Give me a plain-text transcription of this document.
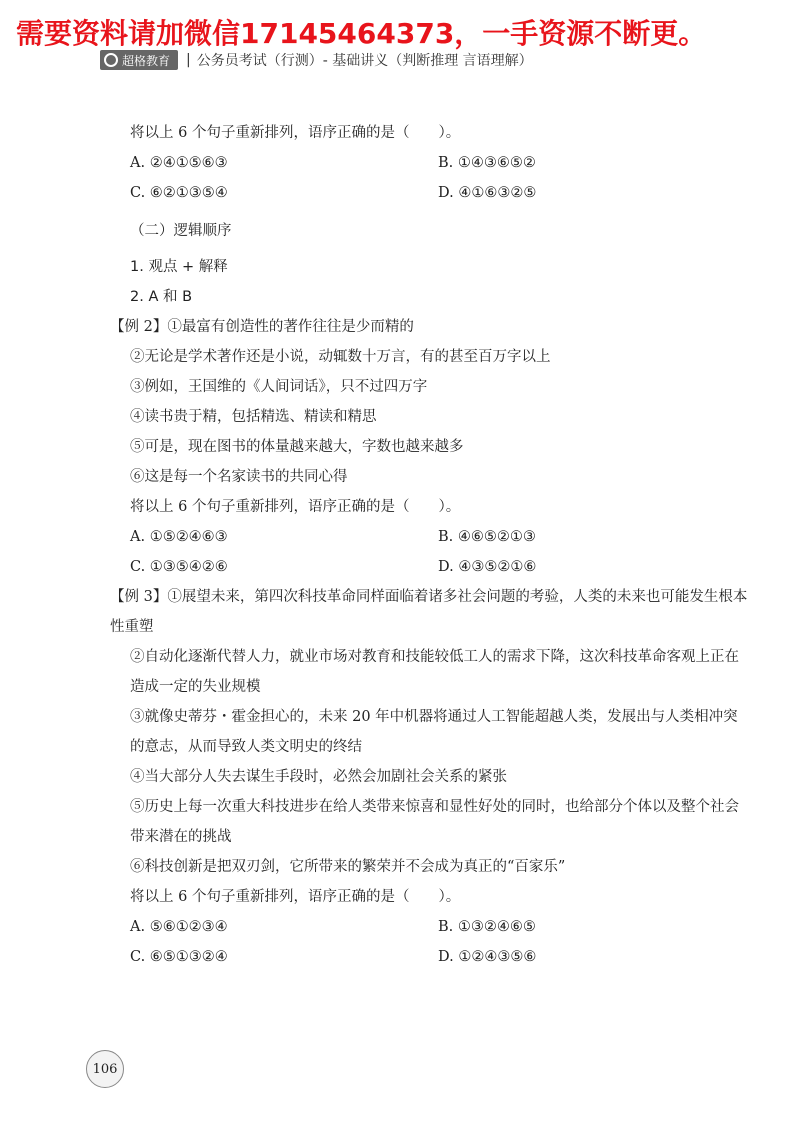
需要资料请加微信17145464373，一手资源不断更。
超格教育 | 公务员考试（行测）- 基础讲义（判断推理 言语理解）
将以上 6 个句子重新排列，语序正确的是（　　）。
A. ②④①⑤⑥③	B. ①④③⑥⑤②
C. ⑥②①③⑤④	D. ④①⑥③②⑤
（二）逻辑顺序
1. 观点 + 解释
2. A 和 B
【例 2】①最富有创造性的著作往往是少而精的
②无论是学术著作还是小说，动辄数十万言，有的甚至百万字以上
③例如，王国维的《人间词话》，只不过四万字
④读书贵于精，包括精选、精读和精思
⑤可是，现在图书的体量越来越大，字数也越来越多
⑥这是每一个名家读书的共同心得
将以上 6 个句子重新排列，语序正确的是（　　）。
A. ①⑤②④⑥③	B. ④⑥⑤②①③
C. ①③⑤④②⑥	D. ④③⑤②①⑥
【例 3】①展望未来，第四次科技革命同样面临着诸多社会问题的考验，人类的未来也可能发生根本性重塑
②自动化逐渐代替人力，就业市场对教育和技能较低工人的需求下降，这次科技革命客观上正在造成一定的失业规模
③就像史蒂芬・霍金担心的，未来 20 年中机器将通过人工智能超越人类，发展出与人类相冲突的意志，从而导致人类文明史的终结
④当大部分人失去谋生手段时，必然会加剧社会关系的紧张
⑤历史上每一次重大科技进步在给人类带来惊喜和显性好处的同时，也给部分个体以及整个社会带来潜在的挑战
⑥科技创新是把双刃剑，它所带来的繁荣并不会成为真正的“百家乐”
将以上 6 个句子重新排列，语序正确的是（　　）。
A. ⑤⑥①②③④	B. ①③②④⑥⑤
C. ⑥⑤①③②④	D. ①②④③⑤⑥
106
